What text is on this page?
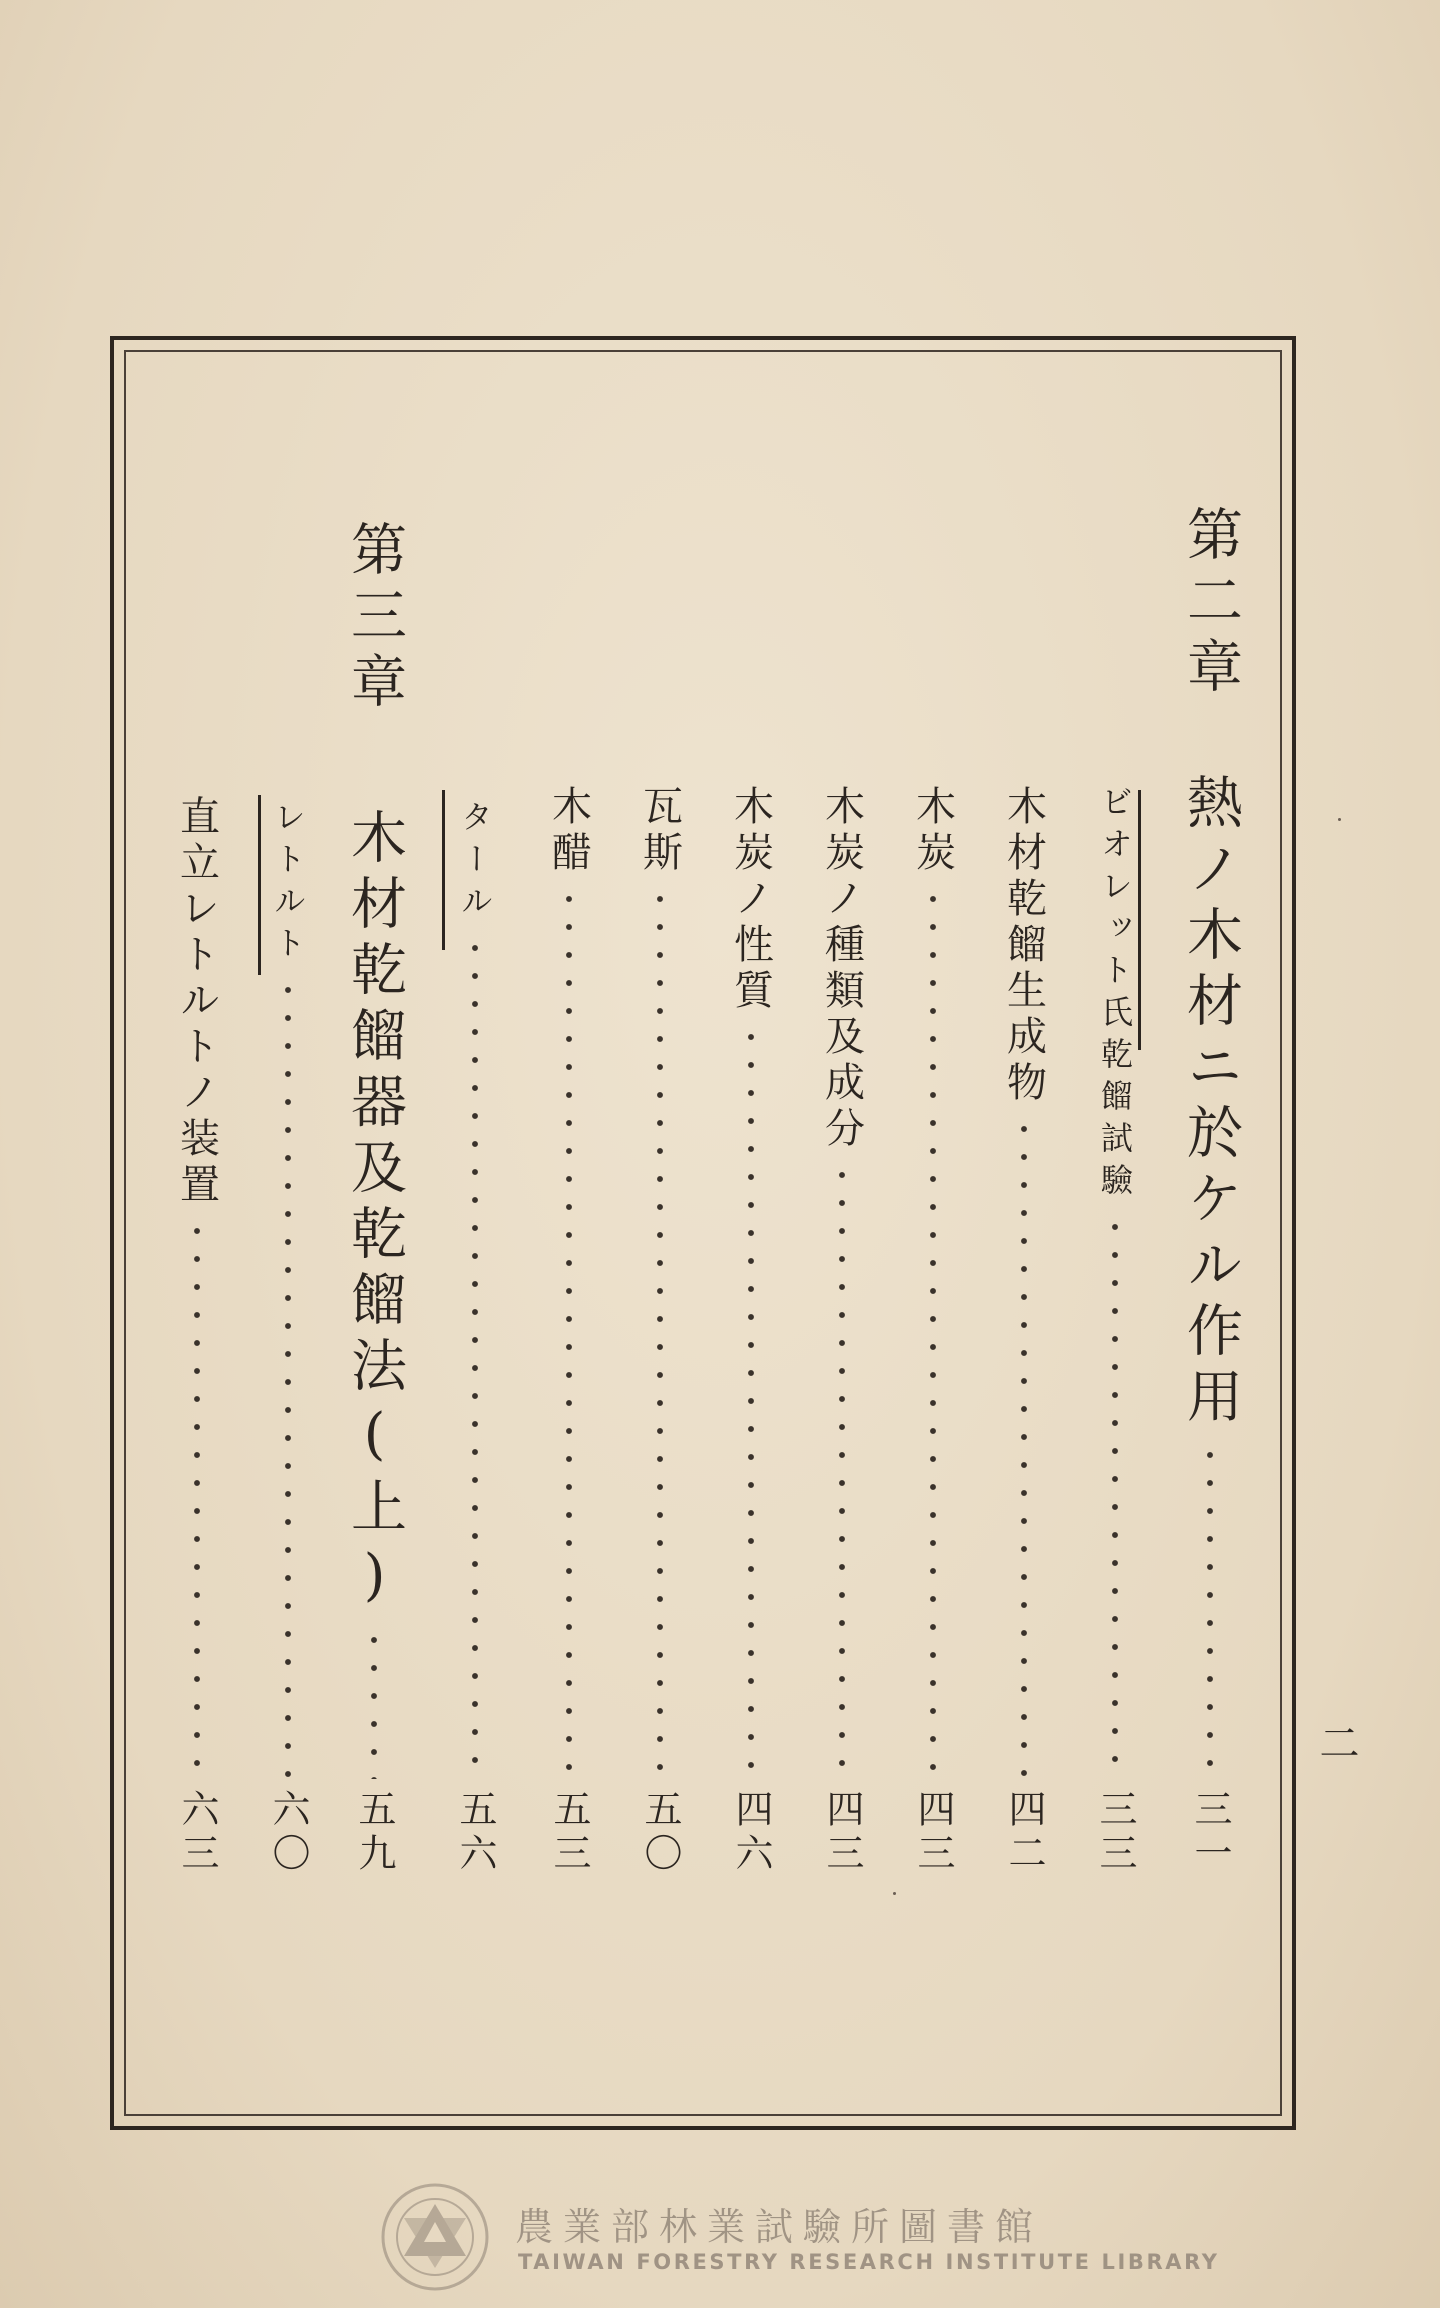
第二章
熱ノ木材ニ於ケル作用
三一
ビオレット氏乾餾試驗
三三
木材乾餾生成物
四二
木炭
四三
木炭ノ種類及成分
四三
木炭ノ性質
四六
瓦斯
五〇
木醋
五三
タール
五六
第三章
木材乾餾器及乾餾法(上)
五九
レトルト
六〇
直立レトルトノ装置
六三
二
農業部林業試驗所圖書館
TAIWAN FORESTRY RESEARCH INSTITUTE LIBRARY
